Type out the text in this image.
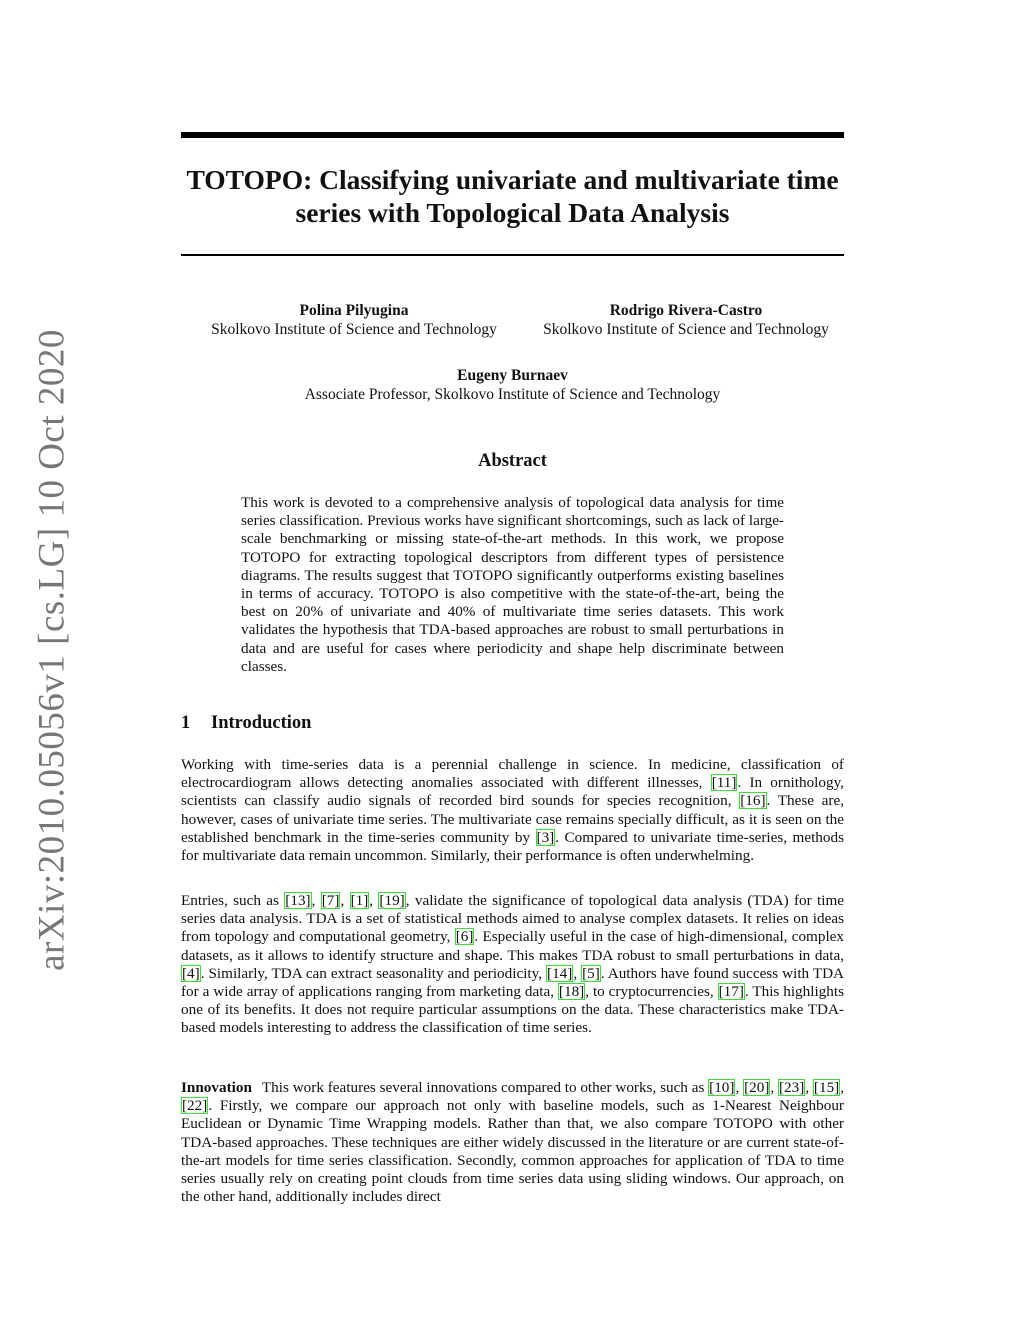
arXiv:2010.05056v1 [cs.LG] 10 Oct 2020
TOTOPO: Classifying univariate and multivariate time series with Topological Data Analysis
Polina Pilyugina
Skolkovo Institute of Science and Technology
Rodrigo Rivera-Castro
Skolkovo Institute of Science and Technology
Eugeny Burnaev
Associate Professor, Skolkovo Institute of Science and Technology
Abstract
This work is devoted to a comprehensive analysis of topological data analysis for time series classification. Previous works have significant shortcomings, such as lack of large-scale benchmarking or missing state-of-the-art methods. In this work, we propose TOTOPO for extracting topological descriptors from different types of persistence diagrams. The results suggest that TOTOPO significantly outperforms existing baselines in terms of accuracy. TOTOPO is also competitive with the state-of-the-art, being the best on 20% of univariate and 40% of multivariate time series datasets. This work validates the hypothesis that TDA-based approaches are robust to small perturbations in data and are useful for cases where periodicity and shape help discriminate between classes.
1 Introduction
Working with time-series data is a perennial challenge in science. In medicine, classification of electrocardiogram allows detecting anomalies associated with different illnesses, [11]. In ornithology, scientists can classify audio signals of recorded bird sounds for species recognition, [16]. These are, however, cases of univariate time series. The multivariate case remains specially difficult, as it is seen on the established benchmark in the time-series community by [3]. Compared to univariate time-series, methods for multivariate data remain uncommon. Similarly, their performance is often underwhelming.
Entries, such as [13], [7], [1], [19], validate the significance of topological data analysis (TDA) for time series data analysis. TDA is a set of statistical methods aimed to analyse complex datasets. It relies on ideas from topology and computational geometry, [6]. Especially useful in the case of high-dimensional, complex datasets, as it allows to identify structure and shape. This makes TDA robust to small perturbations in data, [4]. Similarly, TDA can extract seasonality and periodicity, [14], [5]. Authors have found success with TDA for a wide array of applications ranging from marketing data, [18], to cryptocurrencies, [17]. This highlights one of its benefits. It does not require particular assumptions on the data. These characteristics make TDA-based models interesting to address the classification of time series.
Innovation This work features several innovations compared to other works, such as [10], [20], [23], [15], [22]. Firstly, we compare our approach not only with baseline models, such as 1-Nearest Neighbour Euclidean or Dynamic Time Wrapping models. Rather than that, we also compare TOTOPO with other TDA-based approaches. These techniques are either widely discussed in the literature or are current state-of-the-art models for time series classification. Secondly, common approaches for application of TDA to time series usually rely on creating point clouds from time series data using sliding windows. Our approach, on the other hand, additionally includes direct
